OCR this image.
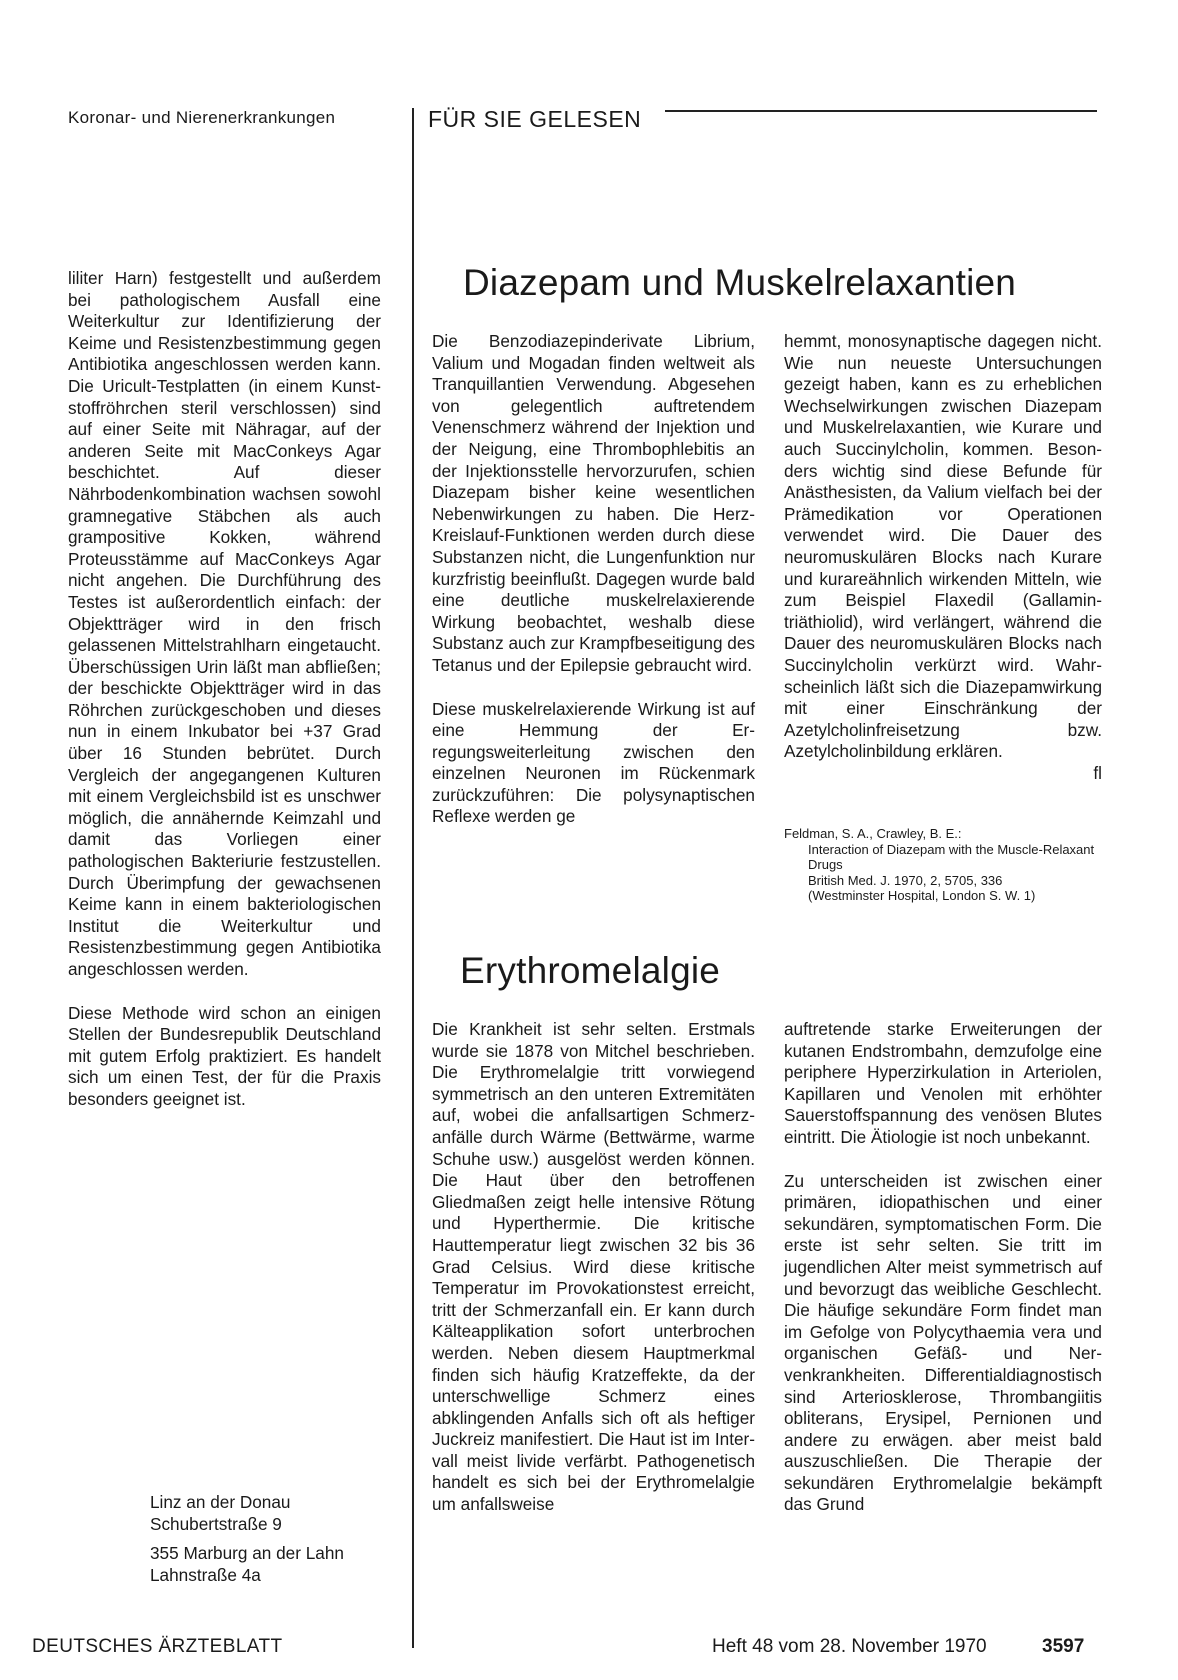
Koronar- und Nierenerkrankungen	FÜR SIE GELESEN

liliter Harn) festgestellt und außerdem bei pathologischem Ausfall eine Weiterkultur zur Identifizierung der Keime und Resistenzbestimmung gegen Antibiotika angeschlossen werden kann. Die Uricult-Testplatten (in einem Kunststoffröhrchen steril verschlossen) sind auf einer Seite mit Nähragar, auf der anderen Seite mit MacConkeys Agar beschichtet. Auf dieser Nährbodenkombination wachsen sowohl gramnegative Stäbchen als auch grampositive Kokken, während Proteusstämme auf MacConkeys Agar nicht angehen. Die Durchführung des Testes ist außerordentlich einfach: der Objektträger wird in den frisch gelassenen Mittelstrahlharn eingetaucht. Überschüssigen Urin läßt man abfließen; der beschickte Objektträger wird in das Röhrchen zurückgeschoben und dieses nun in einem Inkubator bei +37 Grad über 16 Stunden bebrütet. Durch Vergleich der angegangenen Kulturen mit einem Vergleichsbild ist es unschwer möglich, die annähernde Keimzahl und damit das Vorliegen einer pathologischen Bakteriurie festzustellen. Durch Überimpfung der gewachsenen Keime kann in einem bakteriologischen Institut die Weiterkultur und Resistenzbestimmung gegen Antibiotika angeschlossen werden.

Diese Methode wird schon an einigen Stellen der Bundesrepublik Deutschland mit gutem Erfolg praktiziert. Es handelt sich um einen Test, der für die Praxis besonders geeignet ist.

Linz an der Donau Schubertstraße 9

355 Marburg an der Lahn Lahnstraße 4a

Diazepam und Muskelrelaxantien

Die Benzodiazepinderivate Librium, Valium und Mogadan finden weltweit als Tranquillantien Verwendung. Abgesehen von gelegentlich auftretendem Venenschmerz während der Injektion und der Neigung, eine Thrombophlebitis an der Injektionsstelle hervorzurufen, schien Diazepam bisher keine wesentlichen Nebenwirkungen zu haben. Die Herz-Kreislauf-Funktionen werden durch diese Substanzen nicht, die Lungenfunktion nur kurzfristig beeinflußt. Dagegen wurde bald eine deutliche muskelrelaxierende Wirkung beobachtet, weshalb diese Substanz auch zur Krampfbeseitigung des Tetanus und der Epilepsie gebraucht wird.

Diese muskelrelaxierende Wirkung ist auf eine Hemmung der Erregungsweiterleitung zwischen den einzelnen Neuronen im Rückenmark zurückzuführen: Die polysynaptischen Reflexe werden ge

hemmt, monosynaptische dagegen nicht. Wie nun neueste Untersuchungen gezeigt haben, kann es zu erheblichen Wechselwirkungen zwischen Diazepam und Muskelrelaxantien, wie Kurare und auch Succinylcholin, kommen. Besonders wichtig sind diese Befunde für Anästhesisten, da Valium vielfach bei der Prämedikation vor Operationen verwendet wird. Die Dauer des neuromuskulären Blocks nach Kurare und kurareähnlich wirkenden Mitteln, wie zum Beispiel Flaxedil (Gallamin-triäthiolid), wird verlängert, während die Dauer des neuromuskulären Blocks nach Succinylcholin verkürzt wird. Wahrscheinlich läßt sich die Diazepamwirkung mit einer Einschränkung der Azetylcholinfreisetzung bzw. Azetylcholinbildung erklären.

fl
Feldman, S. A., Crawley, B. E.:
Interaction of Diazepam with the Muscle-Relaxant Drugs
British Med. J. 1970, 2, 5705, 336
(Westminster Hospital, London S. W. 1)
Erythromelalgie

Die Krankheit ist sehr selten. Erstmals wurde sie 1878 von Mitchel beschrieben. Die Erythromelalgie tritt vorwiegend symmetrisch an den unteren Extremitäten auf, wobei die anfallsartigen Schmerzanfälle durch Wärme (Bettwärme, warme Schuhe usw.) ausgelöst werden können. Die Haut über den betroffenen Gliedmaßen zeigt helle intensive Rötung und Hyperthermie. Die kritische Hauttemperatur liegt zwischen 32 bis 36 Grad Celsius. Wird diese kritische Temperatur im Provokationstest erreicht, tritt der Schmerzanfall ein. Er kann durch Kälteapplikation sofort unterbrochen werden. Neben diesem Hauptmerkmal finden sich häufig Kratzeffekte, da der unterschwellige Schmerz eines abklingenden Anfalls sich oft als heftiger Juckreiz manifestiert. Die Haut ist im Intervall meist livide verfärbt. Pathogenetisch handelt es sich bei der Erythromelalgie um anfallsweise

auftretende starke Erweiterungen der kutanen Endstrombahn, demzufolge eine periphere Hyperzirkulation in Arteriolen, Kapillaren und Venolen mit erhöhter Sauerstoffspannung des venösen Blutes eintritt. Die Ätiologie ist noch unbekannt.

Zu unterscheiden ist zwischen einer primären, idiopathischen und einer sekundären, symptomatischen Form. Die erste ist sehr selten. Sie tritt im jugendlichen Alter meist symmetrisch auf und bevorzugt das weibliche Geschlecht. Die häufige sekundäre Form findet man im Gefolge von Polycythaemia vera und organischen Gefäß- und Nervenkrankheiten. Differentialdiagnostisch sind Arteriosklerose, Thrombangiitis obliterans, Erysipel, Pernionen und andere zu erwägen. aber meist bald auszuschließen. Die Therapie der sekundären Erythromelalgie bekämpft das Grund

DEUTSCHES ÄRZTEBLATT	Heft 48 vom 28. November 1970	3597
